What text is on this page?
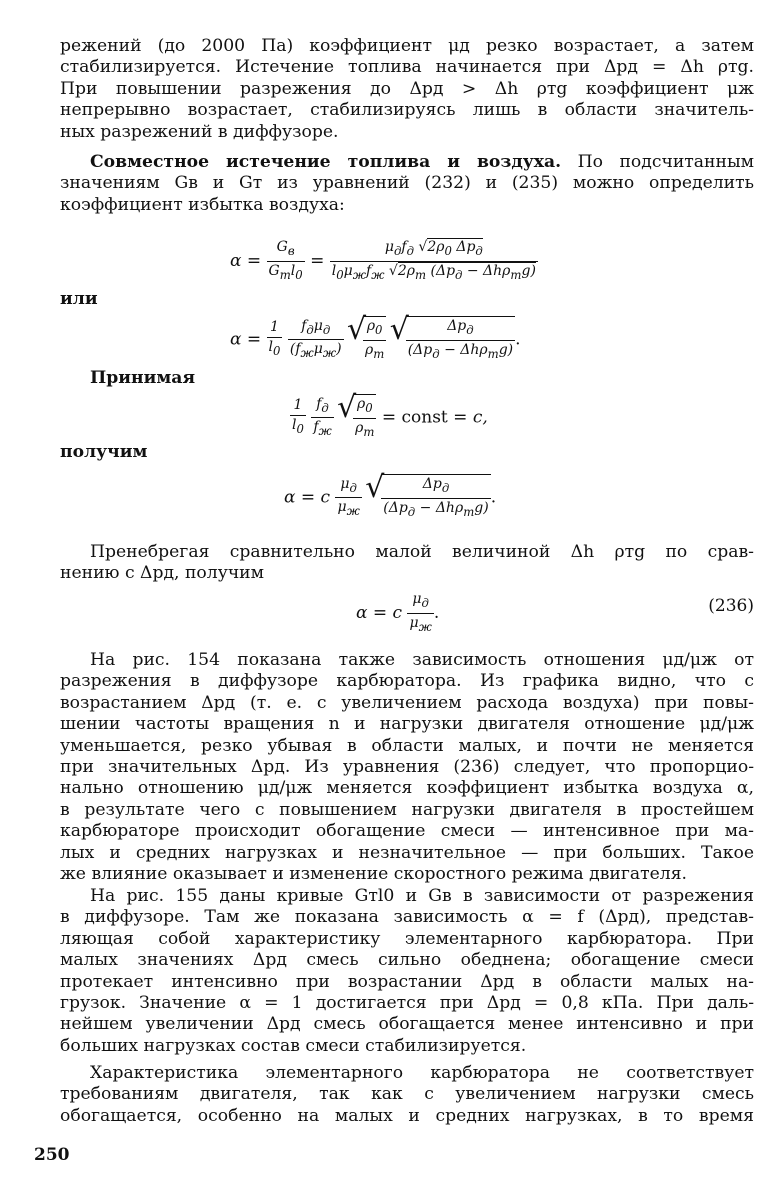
режений (до 2000 Па) коэффициент μд резко возрастает, а затем
стабилизируется. Истечение топлива начинается при Δpд = Δh ρтg.
При повышении разрежения до Δpд > Δh ρтg коэффициент μж
непрерывно возрастает, стабилизируясь лишь в области значитель-
ных разрежений в диффузоре.
Совместное истечение топлива и воздуха. По подсчитанным
значениям Gв и Gт из уравнений (232) и (235) можно определить
коэффициент избытка воздуха:
$\alpha = \frac{G_в}{G_тl_0} = \frac{\mu_дf_д √2\rho_0 \Delta p_д}{l_0\mu_жf_ж √2\rho_т (\Delta p_д - \Delta h\rho_тg)}$
или
$\alpha = \frac{1}{l_0}$
$\frac{f_д\mu_д}{(f_ж\mu_ж)}$
√ $\frac{\rho_0}{\rho_т}$
√ $\frac{\Delta p_д}{(\Delta p_д - \Delta h\rho_тg)}$ .
Принимая
$\frac{1}{l_0}$
$\frac{f_д}{f_ж}$
√ $\frac{\rho_0}{\rho_т}$ = const = c,
получим
α = c $\frac{\mu_д}{\mu_ж}$
√ $\frac{\Delta p_д}{(\Delta p_д - \Delta h\rho_тg)}$ .
Пренебрегая сравнительно малой величиной Δh ρтg по срав-
нению с Δpд, получим
α = c $\frac{\mu_д}{\mu_ж}$ .	(236)
На рис. 154 показана также зависимость отношения μд/μж от
разрежения в диффузоре карбюратора. Из графика видно, что с
возрастанием Δpд (т. е. с увеличением расхода воздуха) при повы-
шении частоты вращения n и нагрузки двигателя отношение μд/μж
уменьшается, резко убывая в области малых, и почти не меняется
при значительных Δpд. Из уравнения (236) следует, что пропорцио-
нально отношению μд/μж меняется коэффициент избытка воздуха α,
в результате чего с повышением нагрузки двигателя в простейшем
карбюраторе происходит обогащение смеси — интенсивное при ма-
лых и средних нагрузках и незначительное — при больших. Такое
же влияние оказывает и изменение скоростного режима двигателя.
На рис. 155 даны кривые Gтl0 и Gв в зависимости от разрежения
в диффузоре. Там же показана зависимость α = f (Δpд), представ-
ляющая собой характеристику элементарного карбюратора. При
малых значениях Δpд смесь сильно обеднена; обогащение смеси
протекает интенсивно при возрастании Δpд в области малых на-
грузок. Значение α = 1 достигается при Δpд = 0,8 кПа. При даль-
нейшем увеличении Δpд смесь обогащается менее интенсивно и при
больших нагрузках состав смеси стабилизируется.
Характеристика элементарного карбюратора не соответствует
требованиям двигателя, так как с увеличением нагрузки смесь
обогащается, особенно на малых и средних нагрузках, в то время
250
